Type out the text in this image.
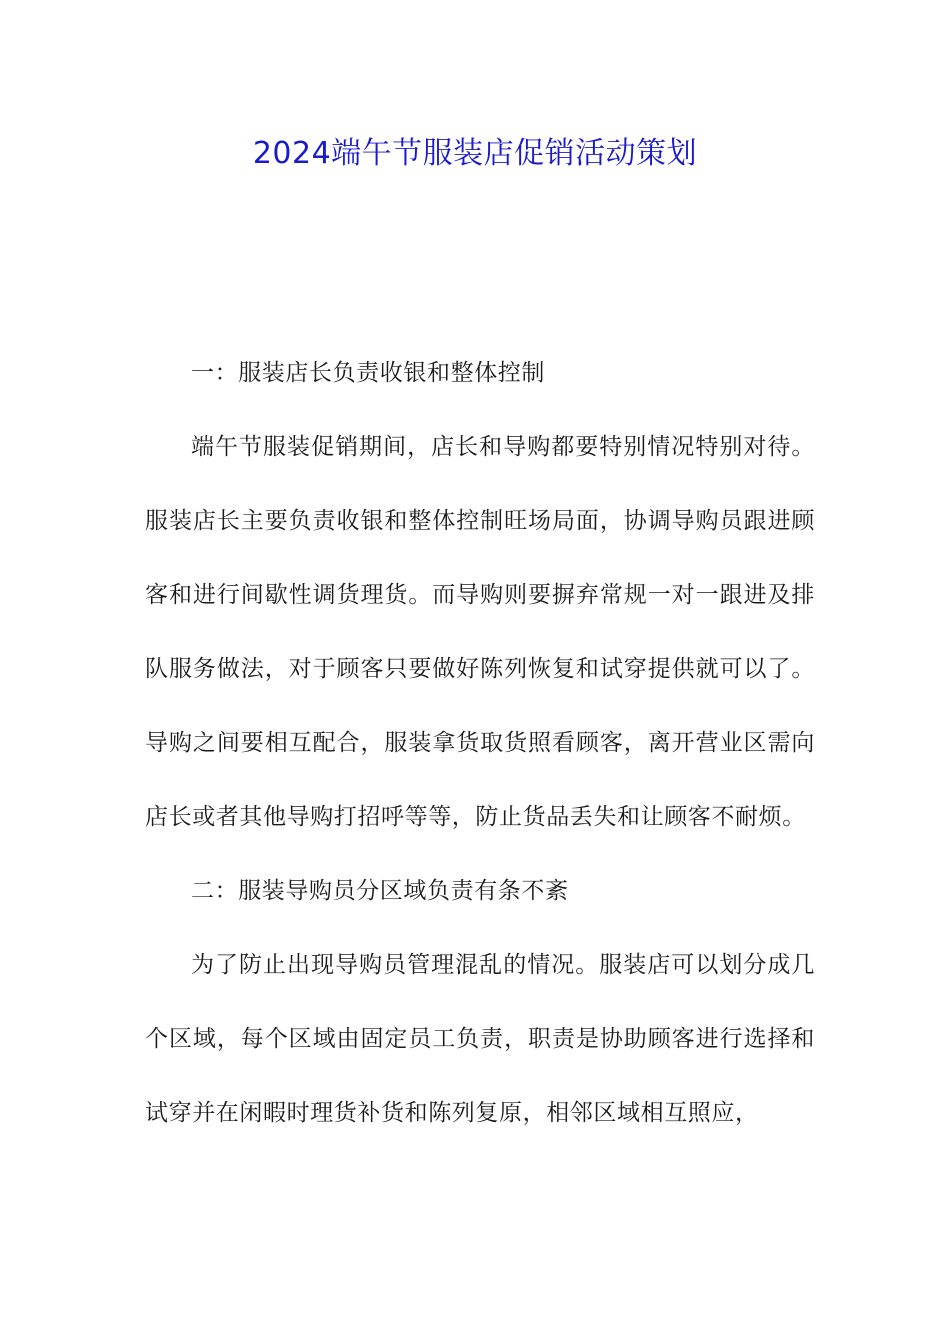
2024端午节服装店促销活动策划

一：服装店长负责收银和整体控制

端午节服装促销期间，店长和导购都要特别情况特别对待。服装店长主要负责收银和整体控制旺场局面，协调导购员跟进顾客和进行间歇性调货理货。而导购则要摒弃常规一对一跟进及排队服务做法，对于顾客只要做好陈列恢复和试穿提供就可以了。导购之间要相互配合，服装拿货取货照看顾客，离开营业区需向店长或者其他导购打招呼等等，防止货品丢失和让顾客不耐烦。

二：服装导购员分区域负责有条不紊

为了防止出现导购员管理混乱的情况。服装店可以划分成几个区域，每个区域由固定员工负责，职责是协助顾客进行选择和试穿并在闲暇时理货补货和陈列复原，相邻区域相互照应，
